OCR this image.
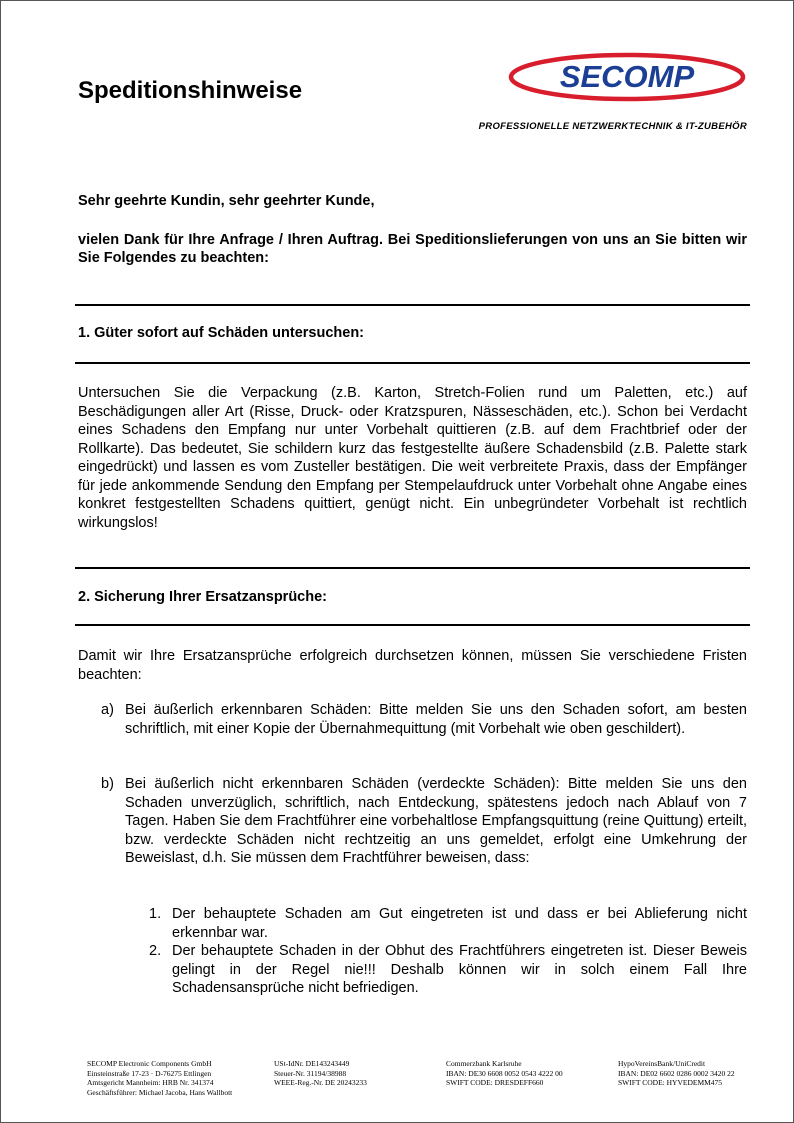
Speditionshinweise	SECOMP
PROFESSIONELLE NETZWERKTECHNIK & IT-ZUBEHÖR
Sehr geehrte Kundin, sehr geehrter Kunde,

vielen Dank für Ihre Anfrage / Ihren Auftrag. Bei Speditionslieferungen von uns an Sie bitten wir Sie Folgendes zu beachten:

1. Güter sofort auf Schäden untersuchen:

Untersuchen Sie die Verpackung (z.B. Karton, Stretch-Folien rund um Paletten, etc.) auf Beschädigungen aller Art (Risse, Druck- oder Kratzspuren, Nässeschäden, etc.). Schon bei Verdacht eines Schadens den Empfang nur unter Vorbehalt quittieren (z.B. auf dem Frachtbrief oder der Rollkarte). Das bedeutet, Sie schildern kurz das festgestellte äußere Schadensbild (z.B. Palette stark eingedrückt) und lassen es vom Zusteller bestätigen. Die weit verbreitete Praxis, dass der Empfänger für jede ankommende Sendung den Empfang per Stempelaufdruck unter Vorbehalt ohne Angabe eines konkret festgestellten Schadens quittiert, genügt nicht. Ein unbegründeter Vorbehalt ist rechtlich wirkungslos!

2. Sicherung Ihrer Ersatzansprüche:

Damit wir Ihre Ersatzansprüche erfolgreich durchsetzen können, müssen Sie verschiedene Fristen beachten:

a) Bei äußerlich erkennbaren Schäden: Bitte melden Sie uns den Schaden sofort, am besten schriftlich, mit einer Kopie der Übernahmequittung (mit Vorbehalt wie oben geschildert).
b) Bei äußerlich nicht erkennbaren Schäden (verdeckte Schäden): Bitte melden Sie uns den Schaden unverzüglich, schriftlich, nach Entdeckung, spätestens jedoch nach Ablauf von 7 Tagen. Haben Sie dem Frachtführer eine vorbehaltlose Empfangsquittung (reine Quittung) erteilt, bzw. verdeckte Schäden nicht rechtzeitig an uns gemeldet, erfolgt eine Umkehrung der Beweislast, d.h. Sie müssen dem Frachtführer beweisen, dass:
1. Der behauptete Schaden am Gut eingetreten ist und dass er bei Ablieferung nicht erkennbar war.
2. Der behauptete Schaden in der Obhut des Frachtführers eingetreten ist. Dieser Beweis gelingt in der Regel nie!!! Deshalb können wir in solch einem Fall Ihre Schadensansprüche nicht befriedigen.
SECOMP Electronic Components GmbH
Einsteinstraße 17-23 · D-76275 Ettlingen
Amtsgericht Mannheim: HRB Nr. 341374
Geschäftsführer: Michael Jacoba, Hans Wallbott
USt-IdNr. DE143243449
Steuer-Nr. 31194/38988
WEEE-Reg.-Nr. DE 20243233
Commerzbank Karlsruhe
IBAN: DE30 6608 0052 0543 4222 00
SWIFT CODE: DRESDEFF660
HypoVereinsBank/UniCredit
IBAN: DE02 6602 0286 0002 3420 22
SWIFT CODE: HYVEDEMM475
